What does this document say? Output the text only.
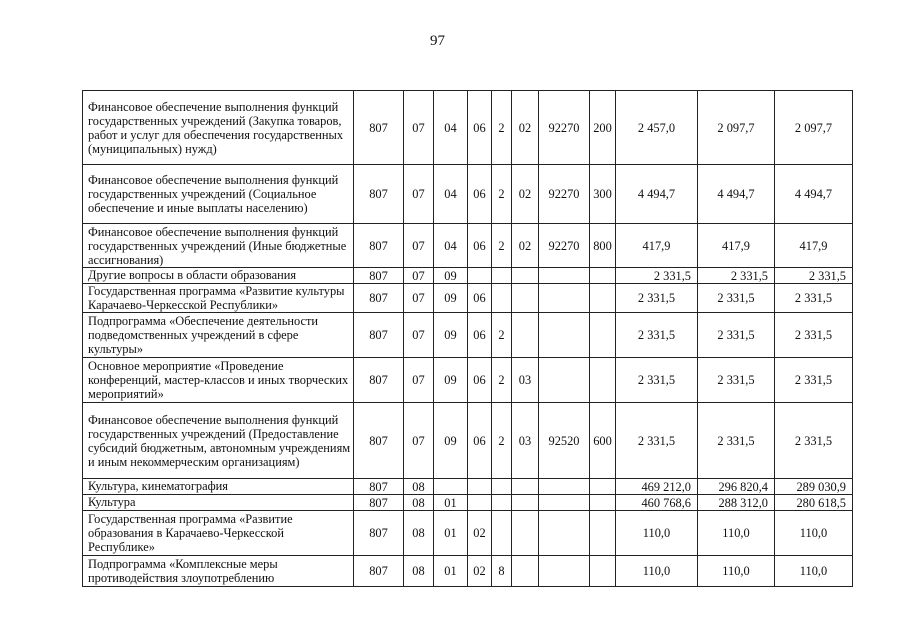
97
Финансовое обеспечение выполнения функций государственных учреждений (Закупка товаров, работ и услуг для обеспечения государственных (муниципальных) нужд)	807	07	04	06	2	02	92270	200	2 457,0	2 097,7	2 097,7
Финансовое обеспечение выполнения функций государственных учреждений (Социальное обеспечение и иные выплаты населению)	807	07	04	06	2	02	92270	300	4 494,7	4 494,7	4 494,7
Финансовое обеспечение выполнения функций государственных учреждений (Иные бюджетные ассигнования)	807	07	04	06	2	02	92270	800	417,9	417,9	417,9
Другие вопросы в области образования	807	07	09						2 331,5	2 331,5	2 331,5
Государственная программа «Развитие культуры Карачаево-Черкесской Республики»	807	07	09	06					2 331,5	2 331,5	2 331,5
Подпрограмма «Обеспечение деятельности подведомственных учреждений в сфере культуры»	807	07	09	06	2				2 331,5	2 331,5	2 331,5
Основное мероприятие «Проведение конференций, мастер-классов и иных творческих мероприятий»	807	07	09	06	2	03			2 331,5	2 331,5	2 331,5
Финансовое обеспечение выполнения функций государственных учреждений (Предоставление субсидий бюджетным, автономным учреждениям и иным некоммерческим организациям)	807	07	09	06	2	03	92520	600	2 331,5	2 331,5	2 331,5
Культура, кинематография	807	08							469 212,0	296 820,4	289 030,9
Культура	807	08	01						460 768,6	288 312,0	280 618,5
Государственная программа «Развитие образования в Карачаево-Черкесской Республике»	807	08	01	02					110,0	110,0	110,0
Подпрограмма «Комплексные меры противодействия злоупотреблению	807	08	01	02	8				110,0	110,0	110,0
